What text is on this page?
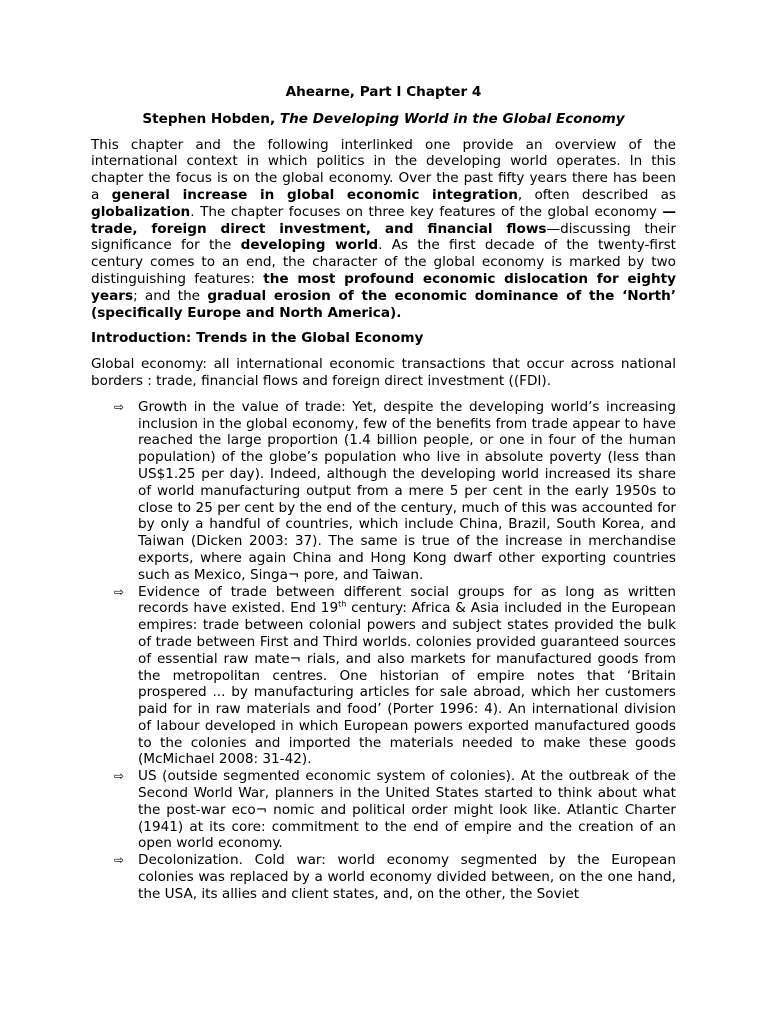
Ahearne, Part I Chapter 4
Stephen Hobden, The Developing World in the Global Economy

This chapter and the following interlinked one provide an overview of the international context in which politics in the developing world operates. In this chapter the focus is on the global economy. Over the past fifty years there has been a general increase in global economic integration, often described as globalization. The chapter focuses on three key features of the global economy —trade, foreign direct investment, and financial flows—discussing their significance for the developing world. As the first decade of the twenty-first century comes to an end, the character of the global economy is marked by two distinguishing features: the most profound economic dislocation for eighty years; and the gradual erosion of the economic dominance of the ‘North’ (specifically Europe and North America).

Introduction: Trends in the Global Economy

Global economy: all international economic transactions that occur across national borders : trade, financial flows and foreign direct investment ((FDI).

⇨ Growth in the value of trade: Yet, despite the developing world’s increasing inclusion in the global economy, few of the benefits from trade appear to have reached the large proportion (1.4 billion people, or one in four of the human population) of the globe’s population who live in absolute poverty (less than US$1.25 per day). Indeed, although the developing world increased its share of world manufacturing output from a mere 5 per cent in the early 1950s to close to 25 per cent by the end of the century, much of this was accounted for by only a handful of countries, which include China, Brazil, South Korea, and Taiwan (Dicken 2003: 37). The same is true of the increase in merchandise exports, where again China and Hong Kong dwarf other exporting countries such as Mexico, Singa¬ pore, and Taiwan.
⇨ Evidence of trade between different social groups for as long as written records have existed. End 19th century: Africa & Asia included in the European empires: trade between colonial powers and subject states provided the bulk of trade between First and Third worlds. colonies provided guaranteed sources of essential raw mate¬ rials, and also markets for manufactured goods from the metropolitan centres. One historian of empire notes that ‘Britain prospered ... by manufacturing articles for sale abroad, which her customers paid for in raw materials and food’ (Porter 1996: 4). An international division of labour developed in which European powers exported manufactured goods to the colonies and imported the materials needed to make these goods (McMichael 2008: 31-42).
⇨ US (outside segmented economic system of colonies). At the outbreak of the Second World War, planners in the United States started to think about what the post-war eco¬ nomic and political order might look like. Atlantic Charter (1941) at its core: commitment to the end of empire and the creation of an open world economy.
⇨ Decolonization. Cold war: world economy segmented by the European colonies was replaced by a world economy divided between, on the one hand, the USA, its allies and client states, and, on the other, the Soviet
